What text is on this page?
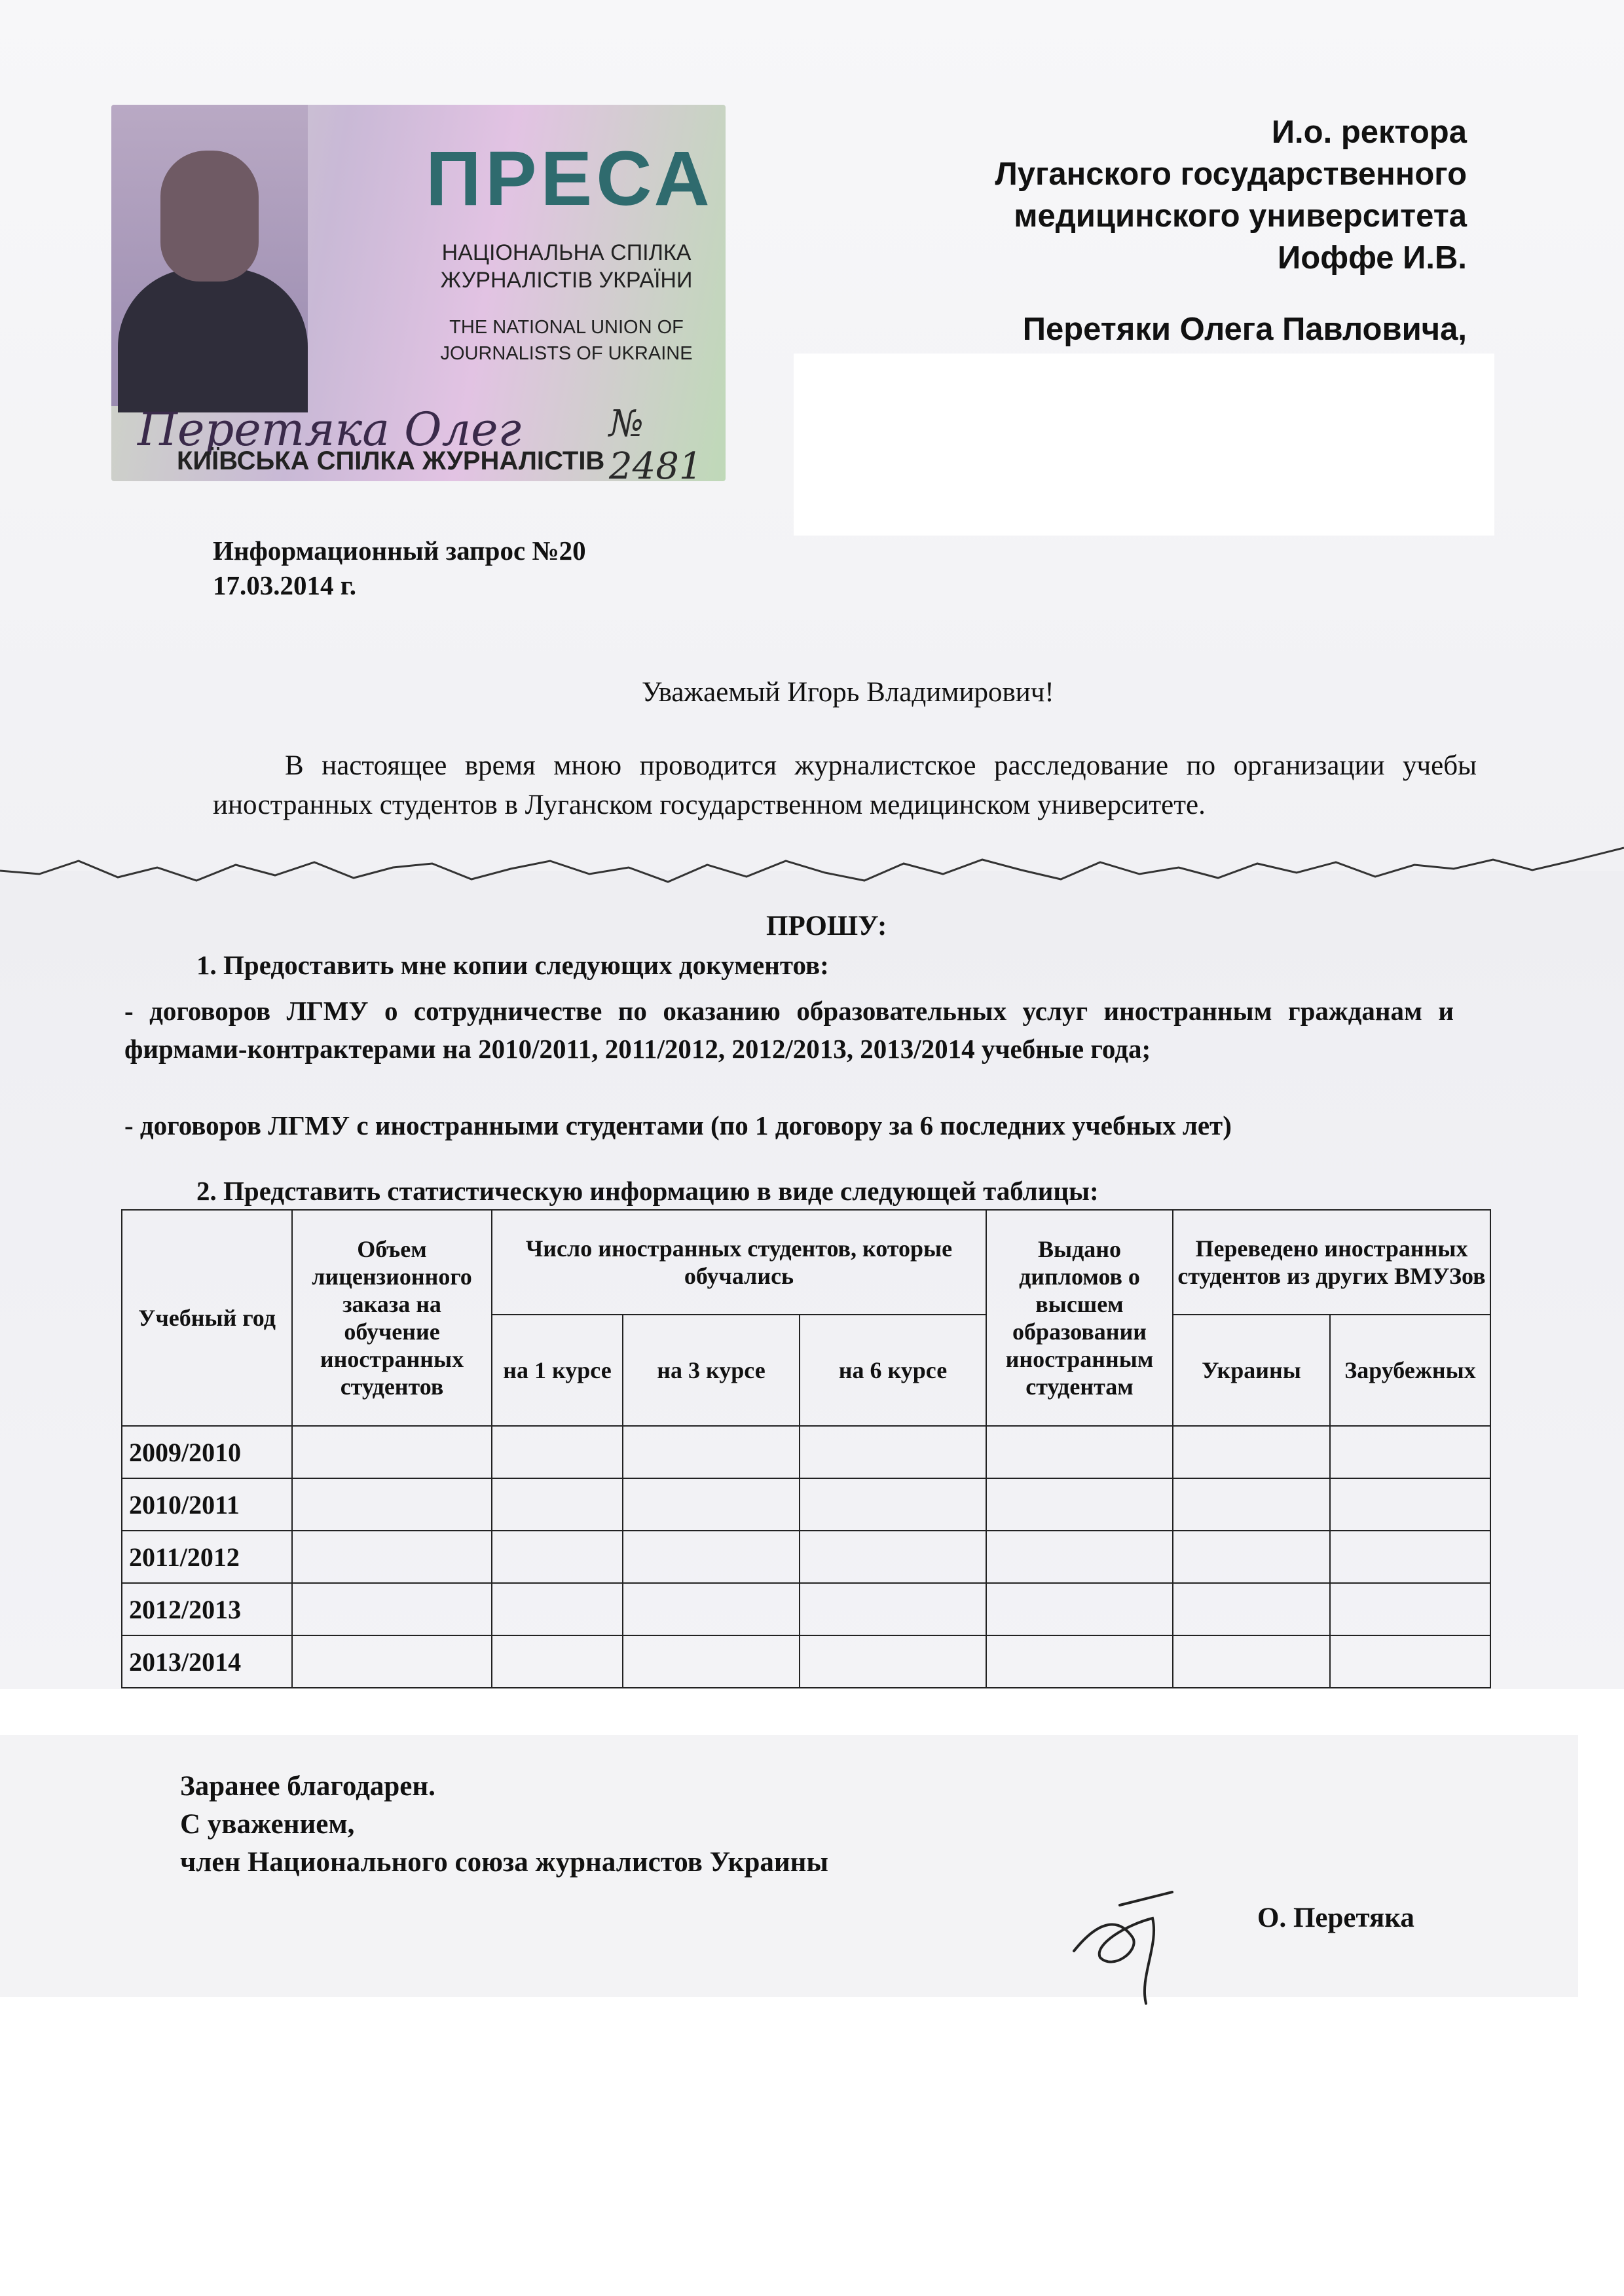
ПРЕСА
НАЦІОНАЛЬНА СПІЛКА ЖУРНАЛІСТІВ УКРАЇНИ
THE NATIONAL UNION OF JOURNALISTS OF UKRAINE
Перетяка Олег № 2481
КИЇВСЬКА СПІЛКА ЖУРНАЛІСТІВ
И.о. ректора
Луганского государственного
медицинского университета
Иоффе И.В.
Перетяки Олега Павловича,
Информационный запрос №20
17.03.2014 г.
Уважаемый Игорь Владимирович!
В настоящее время мною проводится журналистское расследование по организации учебы иностранных студентов в Луганском государственном медицинском университете.
ПРОШУ:
1. Предоставить мне копии следующих документов:
- договоров ЛГМУ о сотрудничестве по оказанию образовательных услуг иностранным гражданам и фирмами-контрактерами на 2010/2011, 2011/2012, 2012/2013, 2013/2014 учебные года;
- договоров ЛГМУ с иностранными студентами (по 1 договору за 6 последних учебных лет)
2. Представить статистическую информацию в виде следующей таблицы:
Учебный год	Объем лицензионного заказа на обучение иностранных студентов	Число иностранных студентов, которые обучались			Выдано дипломов о высшем образовании иностранным студентам	Переведено иностранных студентов из других ВМУЗов	
		на 1 курсе	на 3 курсе	на 6 курсе		Украины	Зарубежных
2009/2010							
2010/2011							
2011/2012							
2012/2013							
2013/2014							
Заранее благодарен.
С уважением,
член Национального союза журналистов Украины
О. Перетяка
